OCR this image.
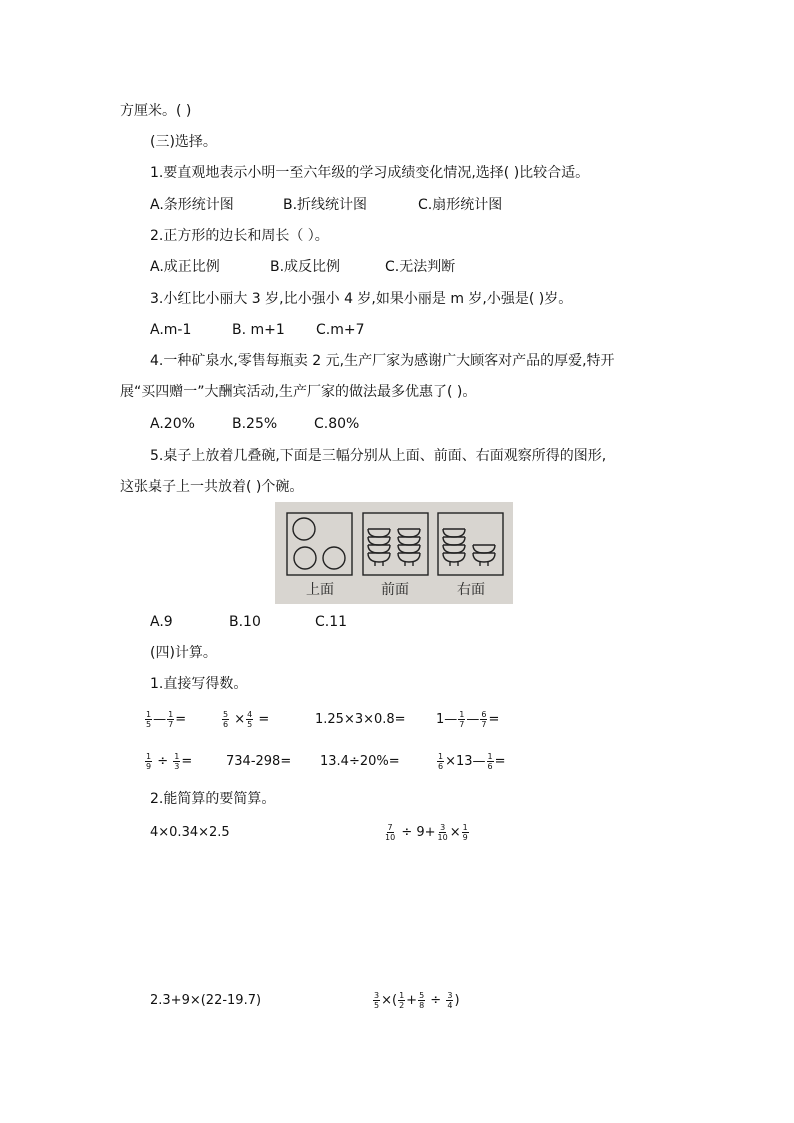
方厘米。( )
(三)选择。
1.要直观地表示小明一至六年级的学习成绩变化情况,选择( )比较合适。
A.条形统计图	B.折线统计图	C.扇形统计图
2.正方形的边长和周长（ ）。
A.成正比例	B.成反比例	C.无法判断
3.小红比小丽大 3 岁,比小强小 4 岁,如果小丽是 m 岁,小强是( )岁。
A.m-1	B. m+1 C.m+7
4.一种矿泉水,零售每瓶卖 2 元,生产厂家为感谢广大顾客对产品的厚爱,特开
展“买四赠一”大酬宾活动,生产厂家的做法最多优惠了( )。
A.20%	B.25%	C.80%
5.桌子上放着几叠碗,下面是三幅分别从上面、前面、右面观察所得的图形,
这张桌子上一共放着( )个碗。
上面	前面	右面
A.9	B.10	C.11
(四)计算。
1.直接写得数。
$\frac{1}{5}$ — $\frac{1}{7}$ =	$\frac{5}{6} \times \frac{4}{5}$ =	1.25×3×0.8= 1— $\frac{1}{7}$ — $\frac{6}{7}$ =
$\frac{1}{9} \div \frac{1}{3}$ =	734-298= 13.4÷20%=	$\frac{1}{6}$ ×13— $\frac{1}{6}$ =
2.能简算的要简算。
4×0.34×2.5	$\frac{7}{10} \div 9+ \frac{3}{10} \times \frac{1}{9}$
2.3+9×(22-19.7)	$\frac{3}{5}$ ×( $\frac{1}{2} + \frac{5}{8} \div \frac{3}{4}$ )
